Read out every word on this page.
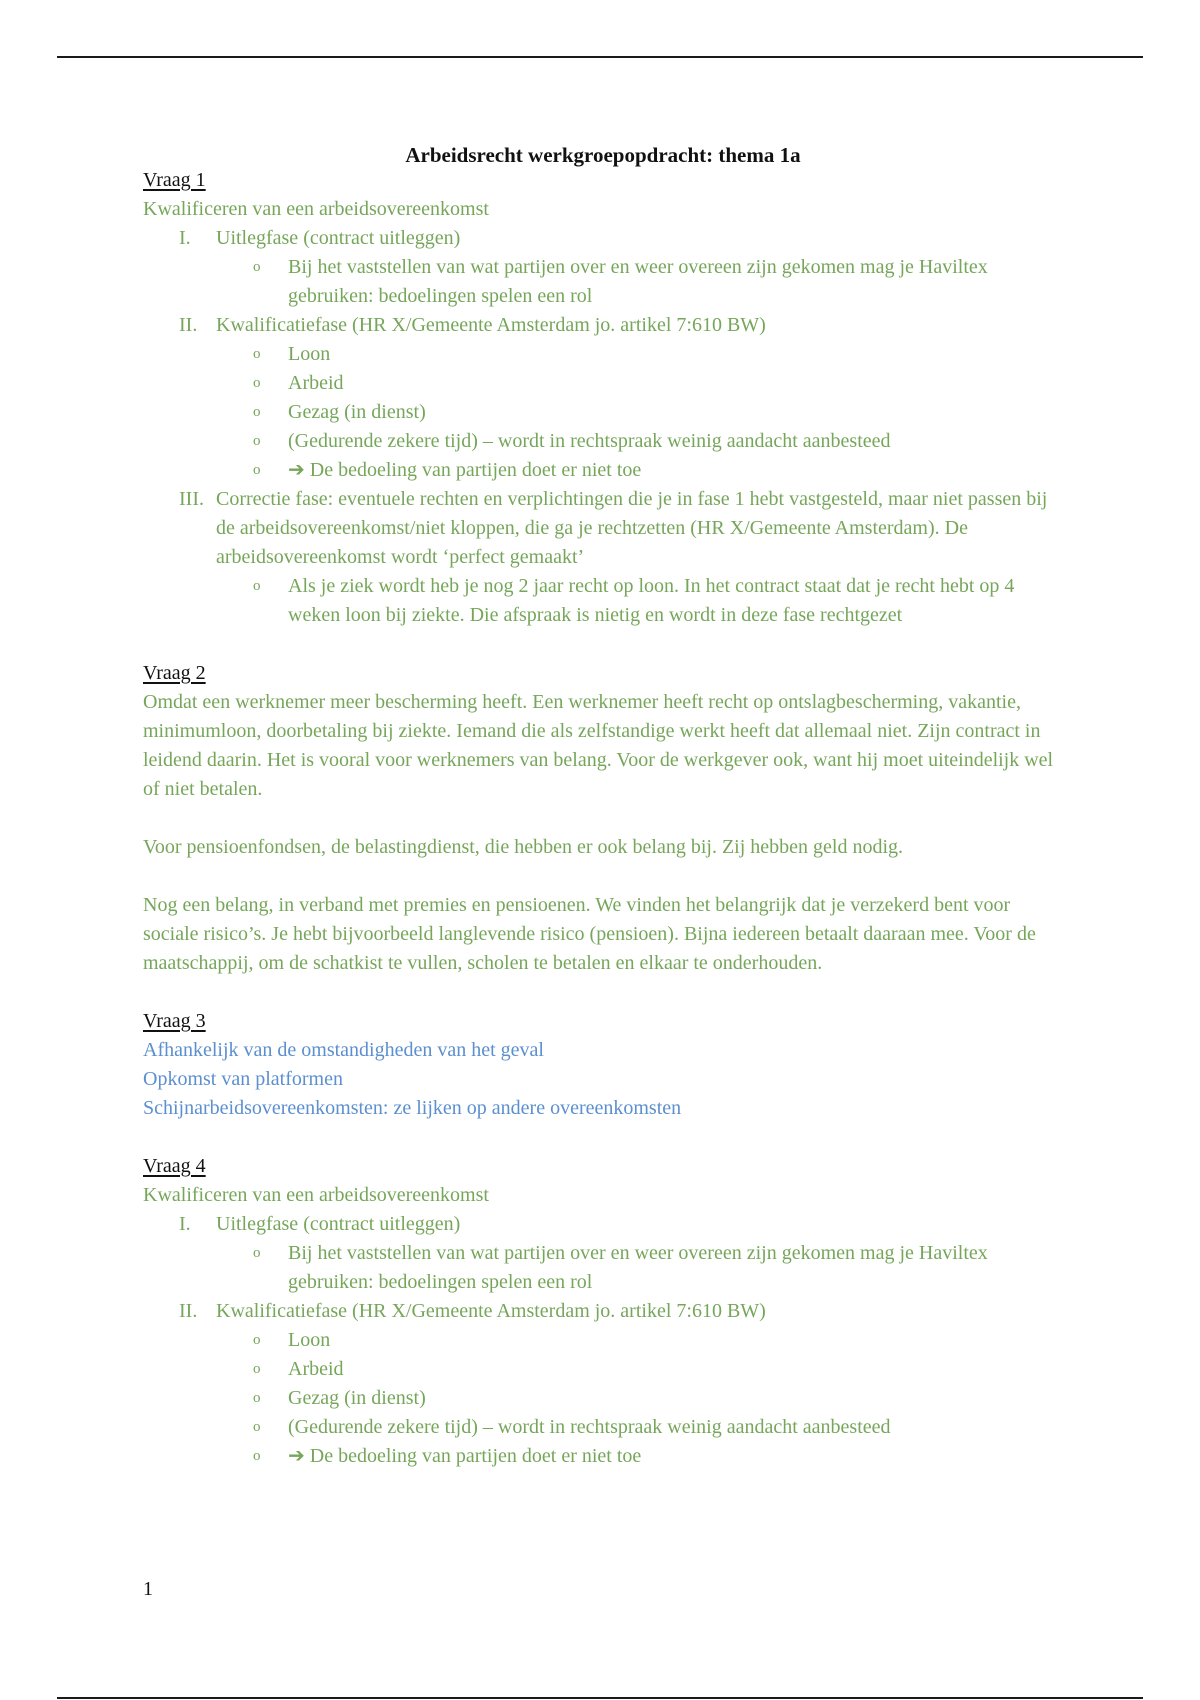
Arbeidsrecht werkgroepopdracht: thema 1a

Vraag 1

Kwalificeren van een arbeidsovereenkomst

I.	Uitlegfase (contract uitleggen)

o Bij het vaststellen van wat partijen over en weer overeen zijn gekomen mag je Haviltex gebruiken: bedoelingen spelen een rol

II. Kwalificatiefase (HR X/Gemeente Amsterdam jo. artikel 7:610 BW)

o Loon

o Arbeid

o Gezag (in dienst)

o (Gedurende zekere tijd) – wordt in rechtspraak weinig aandacht aanbesteed

o ➔ De bedoeling van partijen doet er niet toe

III. Correctie fase: eventuele rechten en verplichtingen die je in fase 1 hebt vastgesteld, maar niet passen bij de arbeidsovereenkomst/niet kloppen, die ga je rechtzetten (HR X/Gemeente Amsterdam). De arbeidsovereenkomst wordt ‘perfect gemaakt’

o Als je ziek wordt heb je nog 2 jaar recht op loon. In het contract staat dat je recht hebt op 4 weken loon bij ziekte. Die afspraak is nietig en wordt in deze fase rechtgezet

Vraag 2

Omdat een werknemer meer bescherming heeft. Een werknemer heeft recht op ontslagbescherming, vakantie, minimumloon, doorbetaling bij ziekte. Iemand die als zelfstandige werkt heeft dat allemaal niet. Zijn contract in leidend daarin. Het is vooral voor werknemers van belang. Voor de werkgever ook, want hij moet uiteindelijk wel of niet betalen.

Voor pensioenfondsen, de belastingdienst, die hebben er ook belang bij. Zij hebben geld nodig.

Nog een belang, in verband met premies en pensioenen. We vinden het belangrijk dat je verzekerd bent voor sociale risico’s. Je hebt bijvoorbeeld langlevende risico (pensioen). Bijna iedereen betaalt daaraan mee. Voor de maatschappij, om de schatkist te vullen, scholen te betalen en elkaar te onderhouden.

Vraag 3

Afhankelijk van de omstandigheden van het geval

Opkomst van platformen

Schijnarbeidsovereenkomsten: ze lijken op andere overeenkomsten

Vraag 4

Kwalificeren van een arbeidsovereenkomst

I.	Uitlegfase (contract uitleggen)

o Bij het vaststellen van wat partijen over en weer overeen zijn gekomen mag je Haviltex gebruiken: bedoelingen spelen een rol

II. Kwalificatiefase (HR X/Gemeente Amsterdam jo. artikel 7:610 BW)

o Loon

o Arbeid

o Gezag (in dienst)

o (Gedurende zekere tijd) – wordt in rechtspraak weinig aandacht aanbesteed

o ➔ De bedoeling van partijen doet er niet toe

1
